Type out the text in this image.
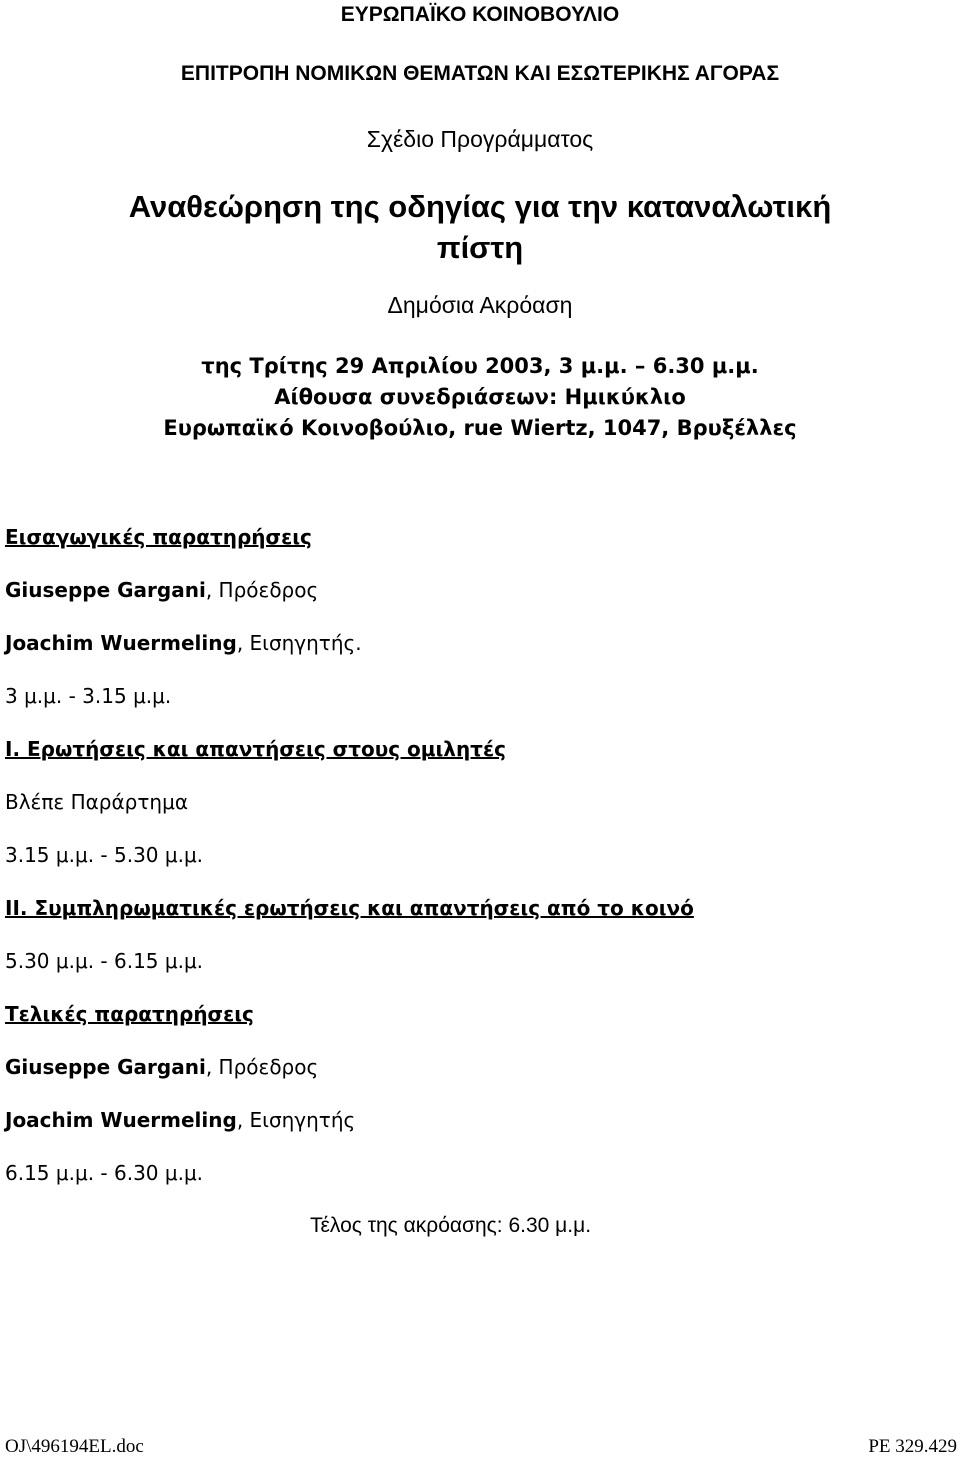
ΕΥΡΩΠΑΪΚΟ ΚΟΙΝΟΒΟΥΛΙΟ
ΕΠΙΤΡΟΠΗ ΝΟΜΙΚΩΝ ΘΕΜΑΤΩΝ ΚΑΙ ΕΣΩΤΕΡΙΚΗΣ ΑΓΟΡΑΣ
Σχέδιο Προγράμματος
Αναθεώρηση της οδηγίας για την καταναλωτική
πίστη
Δημόσια Ακρόαση
της Τρίτης 29 Απριλίου 2003, 3 μ.μ. – 6.30 μ.μ.
Αίθουσα συνεδριάσεων: Ημικύκλιο
Ευρωπαϊκό Κοινοβούλιο, rue Wiertz, 1047, Βρυξέλλες
Εισαγωγικές παρατηρήσεις
Giuseppe Gargani, Πρόεδρος
Joachim Wuermeling, Εισηγητής.
3 μ.μ. - 3.15 μ.μ.
I. Ερωτήσεις και απαντήσεις στους ομιλητές
Βλέπε Παράρτημα
3.15 μ.μ. - 5.30 μ.μ.
II. Συμπληρωματικές ερωτήσεις και απαντήσεις από το κοινό
5.30 μ.μ. - 6.15 μ.μ.
Τελικές παρατηρήσεις
Giuseppe Gargani, Πρόεδρος
Joachim Wuermeling, Εισηγητής
6.15 μ.μ. - 6.30 μ.μ.
Τέλος της ακρόασης: 6.30 μ.μ.
OJ\496194EL.doc	PE 329.429
